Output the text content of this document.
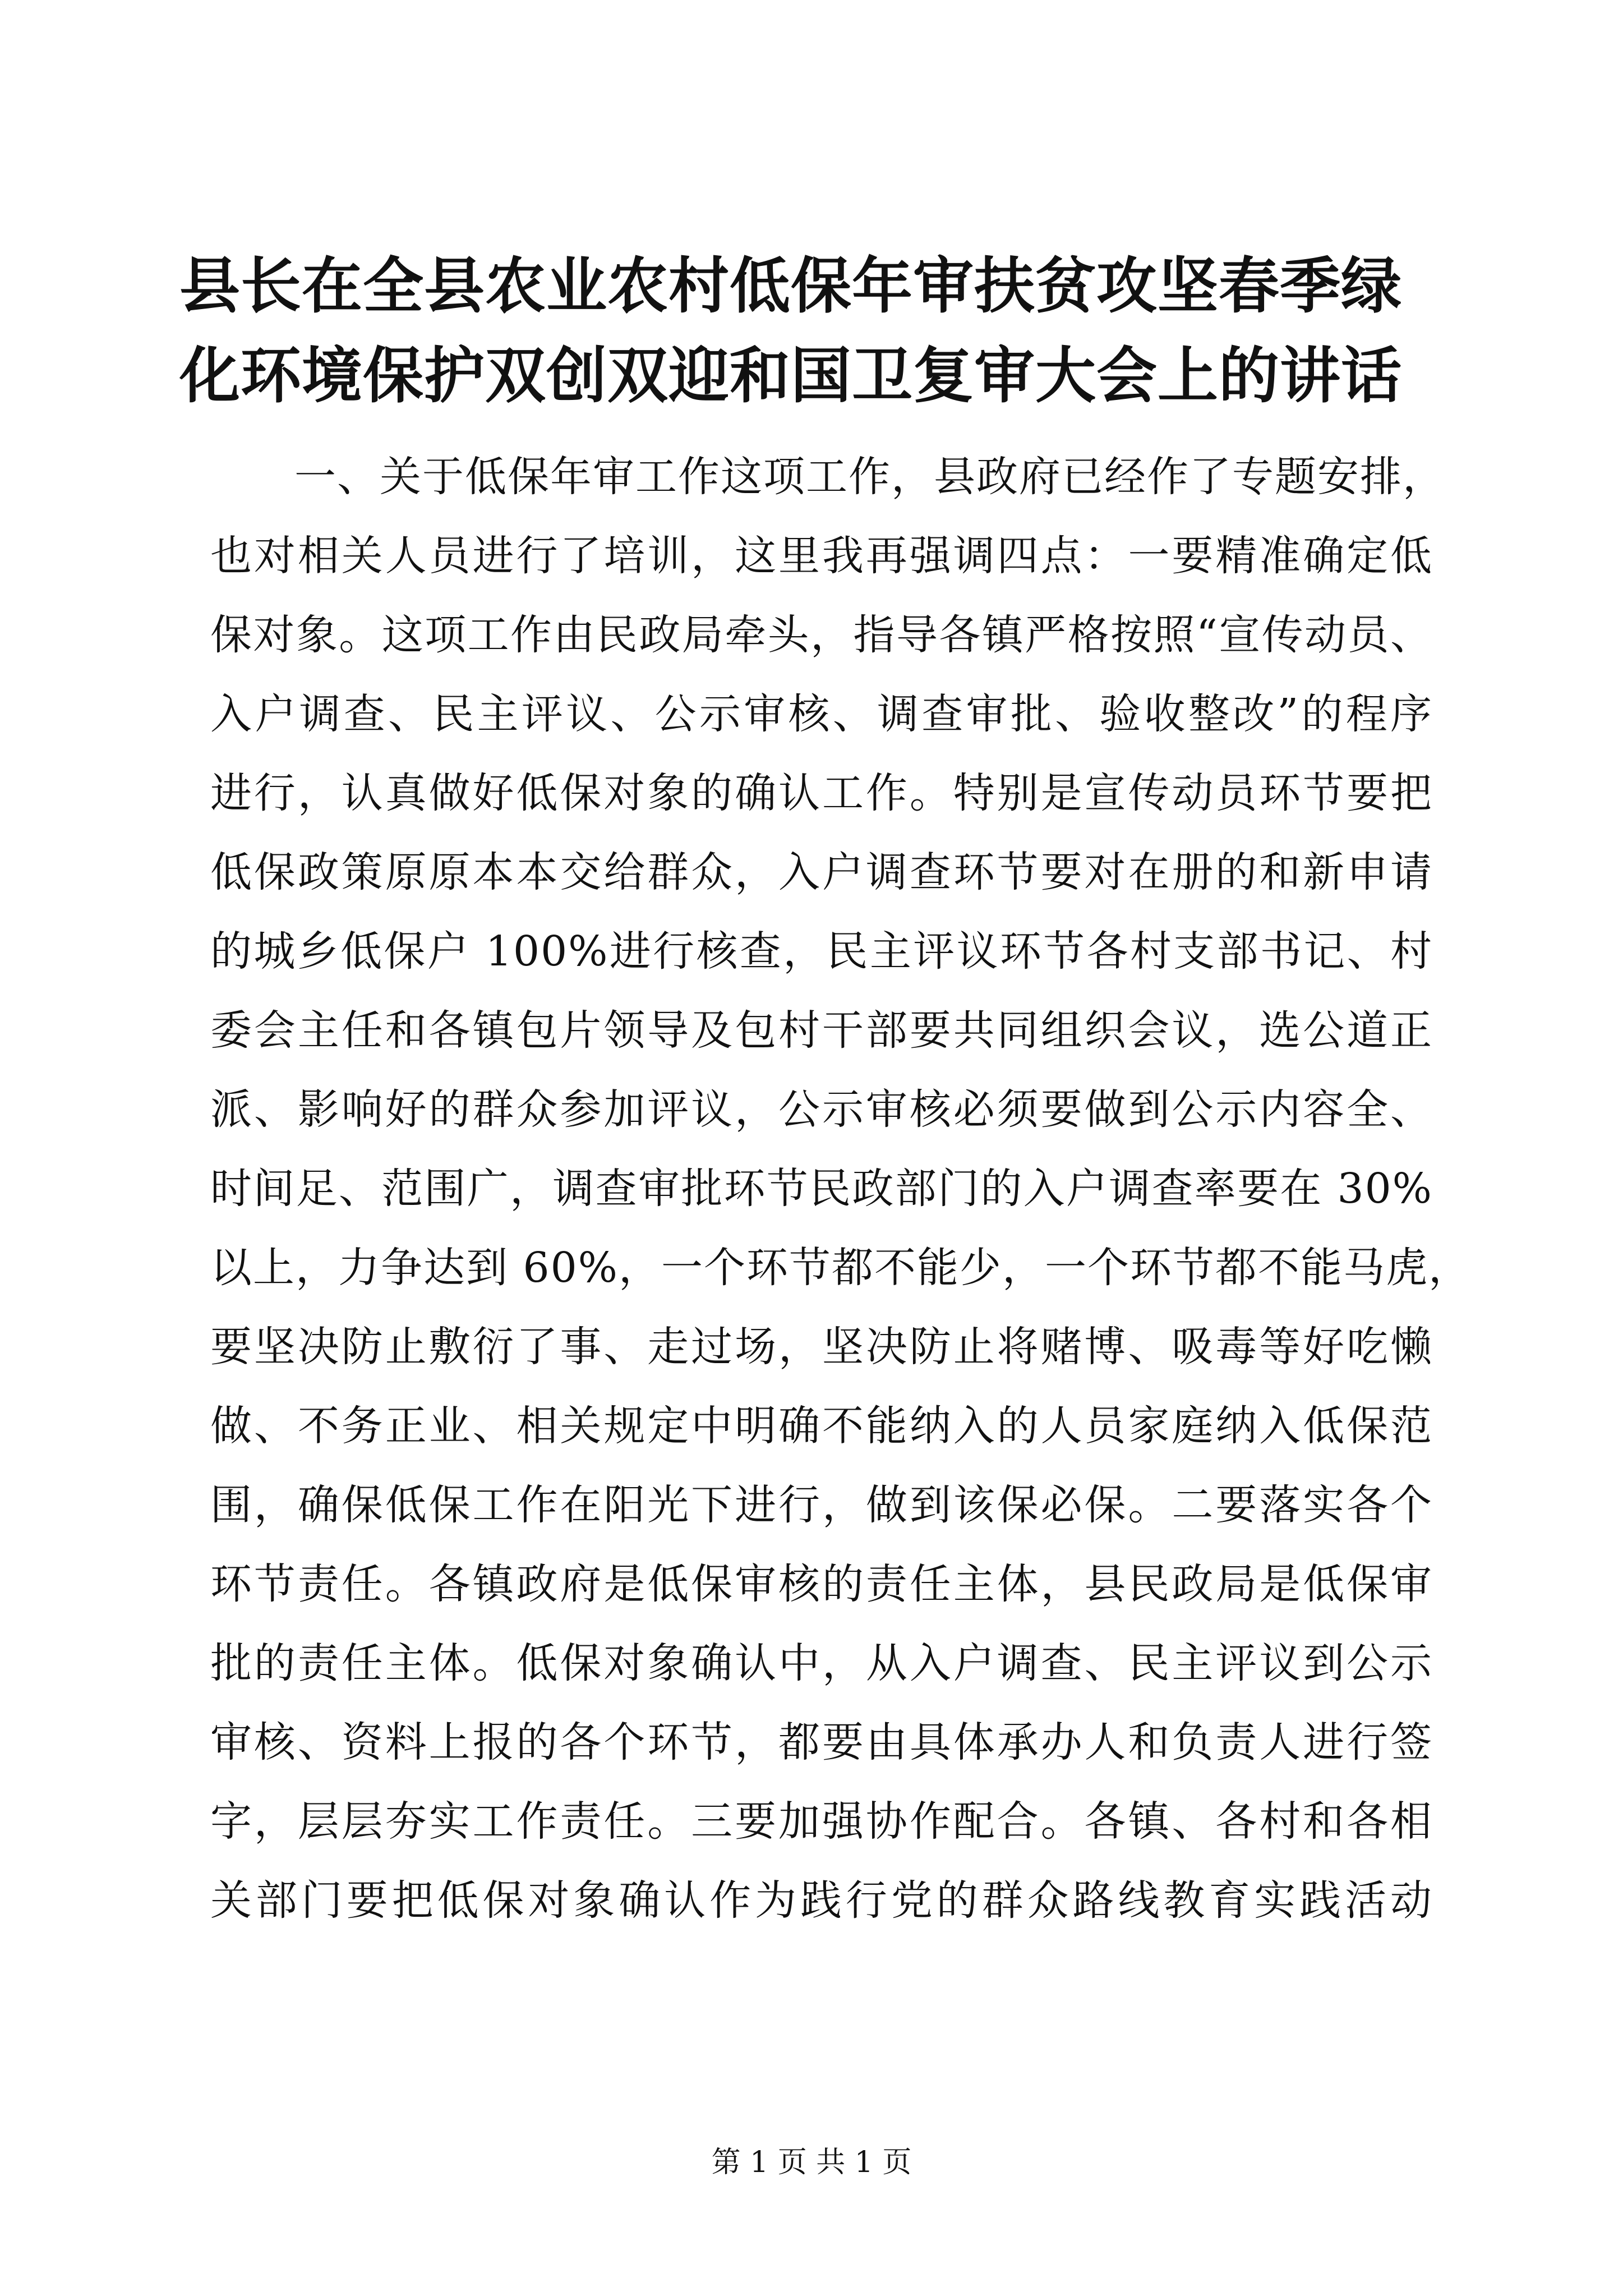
县长在全县农业农村低保年审扶贫攻坚春季绿
化环境保护双创双迎和国卫复审大会上的讲话
一、关于低保年审工作这项工作，县政府已经作了专题安排，
也对相关人员进行了培训，这里我再强调四点：一要精准确定低
保对象。这项工作由民政局牵头，指导各镇严格按照“宣传动员、
入户调查、民主评议、公示审核、调查审批、验收整改”的程序
进行，认真做好低保对象的确认工作。特别是宣传动员环节要把
低保政策原原本本交给群众，入户调查环节要对在册的和新申请
的城乡低保户 100%进行核查，民主评议环节各村支部书记、村
委会主任和各镇包片领导及包村干部要共同组织会议，选公道正
派、影响好的群众参加评议，公示审核必须要做到公示内容全、
时间足、范围广，调查审批环节民政部门的入户调查率要在 30%
以上，力争达到 60%，一个环节都不能少，一个环节都不能马虎，
要坚决防止敷衍了事、走过场，坚决防止将赌博、吸毒等好吃懒
做、不务正业、相关规定中明确不能纳入的人员家庭纳入低保范
围，确保低保工作在阳光下进行，做到该保必保。二要落实各个
环节责任。各镇政府是低保审核的责任主体，县民政局是低保审
批的责任主体。低保对象确认中，从入户调查、民主评议到公示
审核、资料上报的各个环节，都要由具体承办人和负责人进行签
字，层层夯实工作责任。三要加强协作配合。各镇、各村和各相
关部门要把低保对象确认作为践行党的群众路线教育实践活动
第 1 页 共 1 页
